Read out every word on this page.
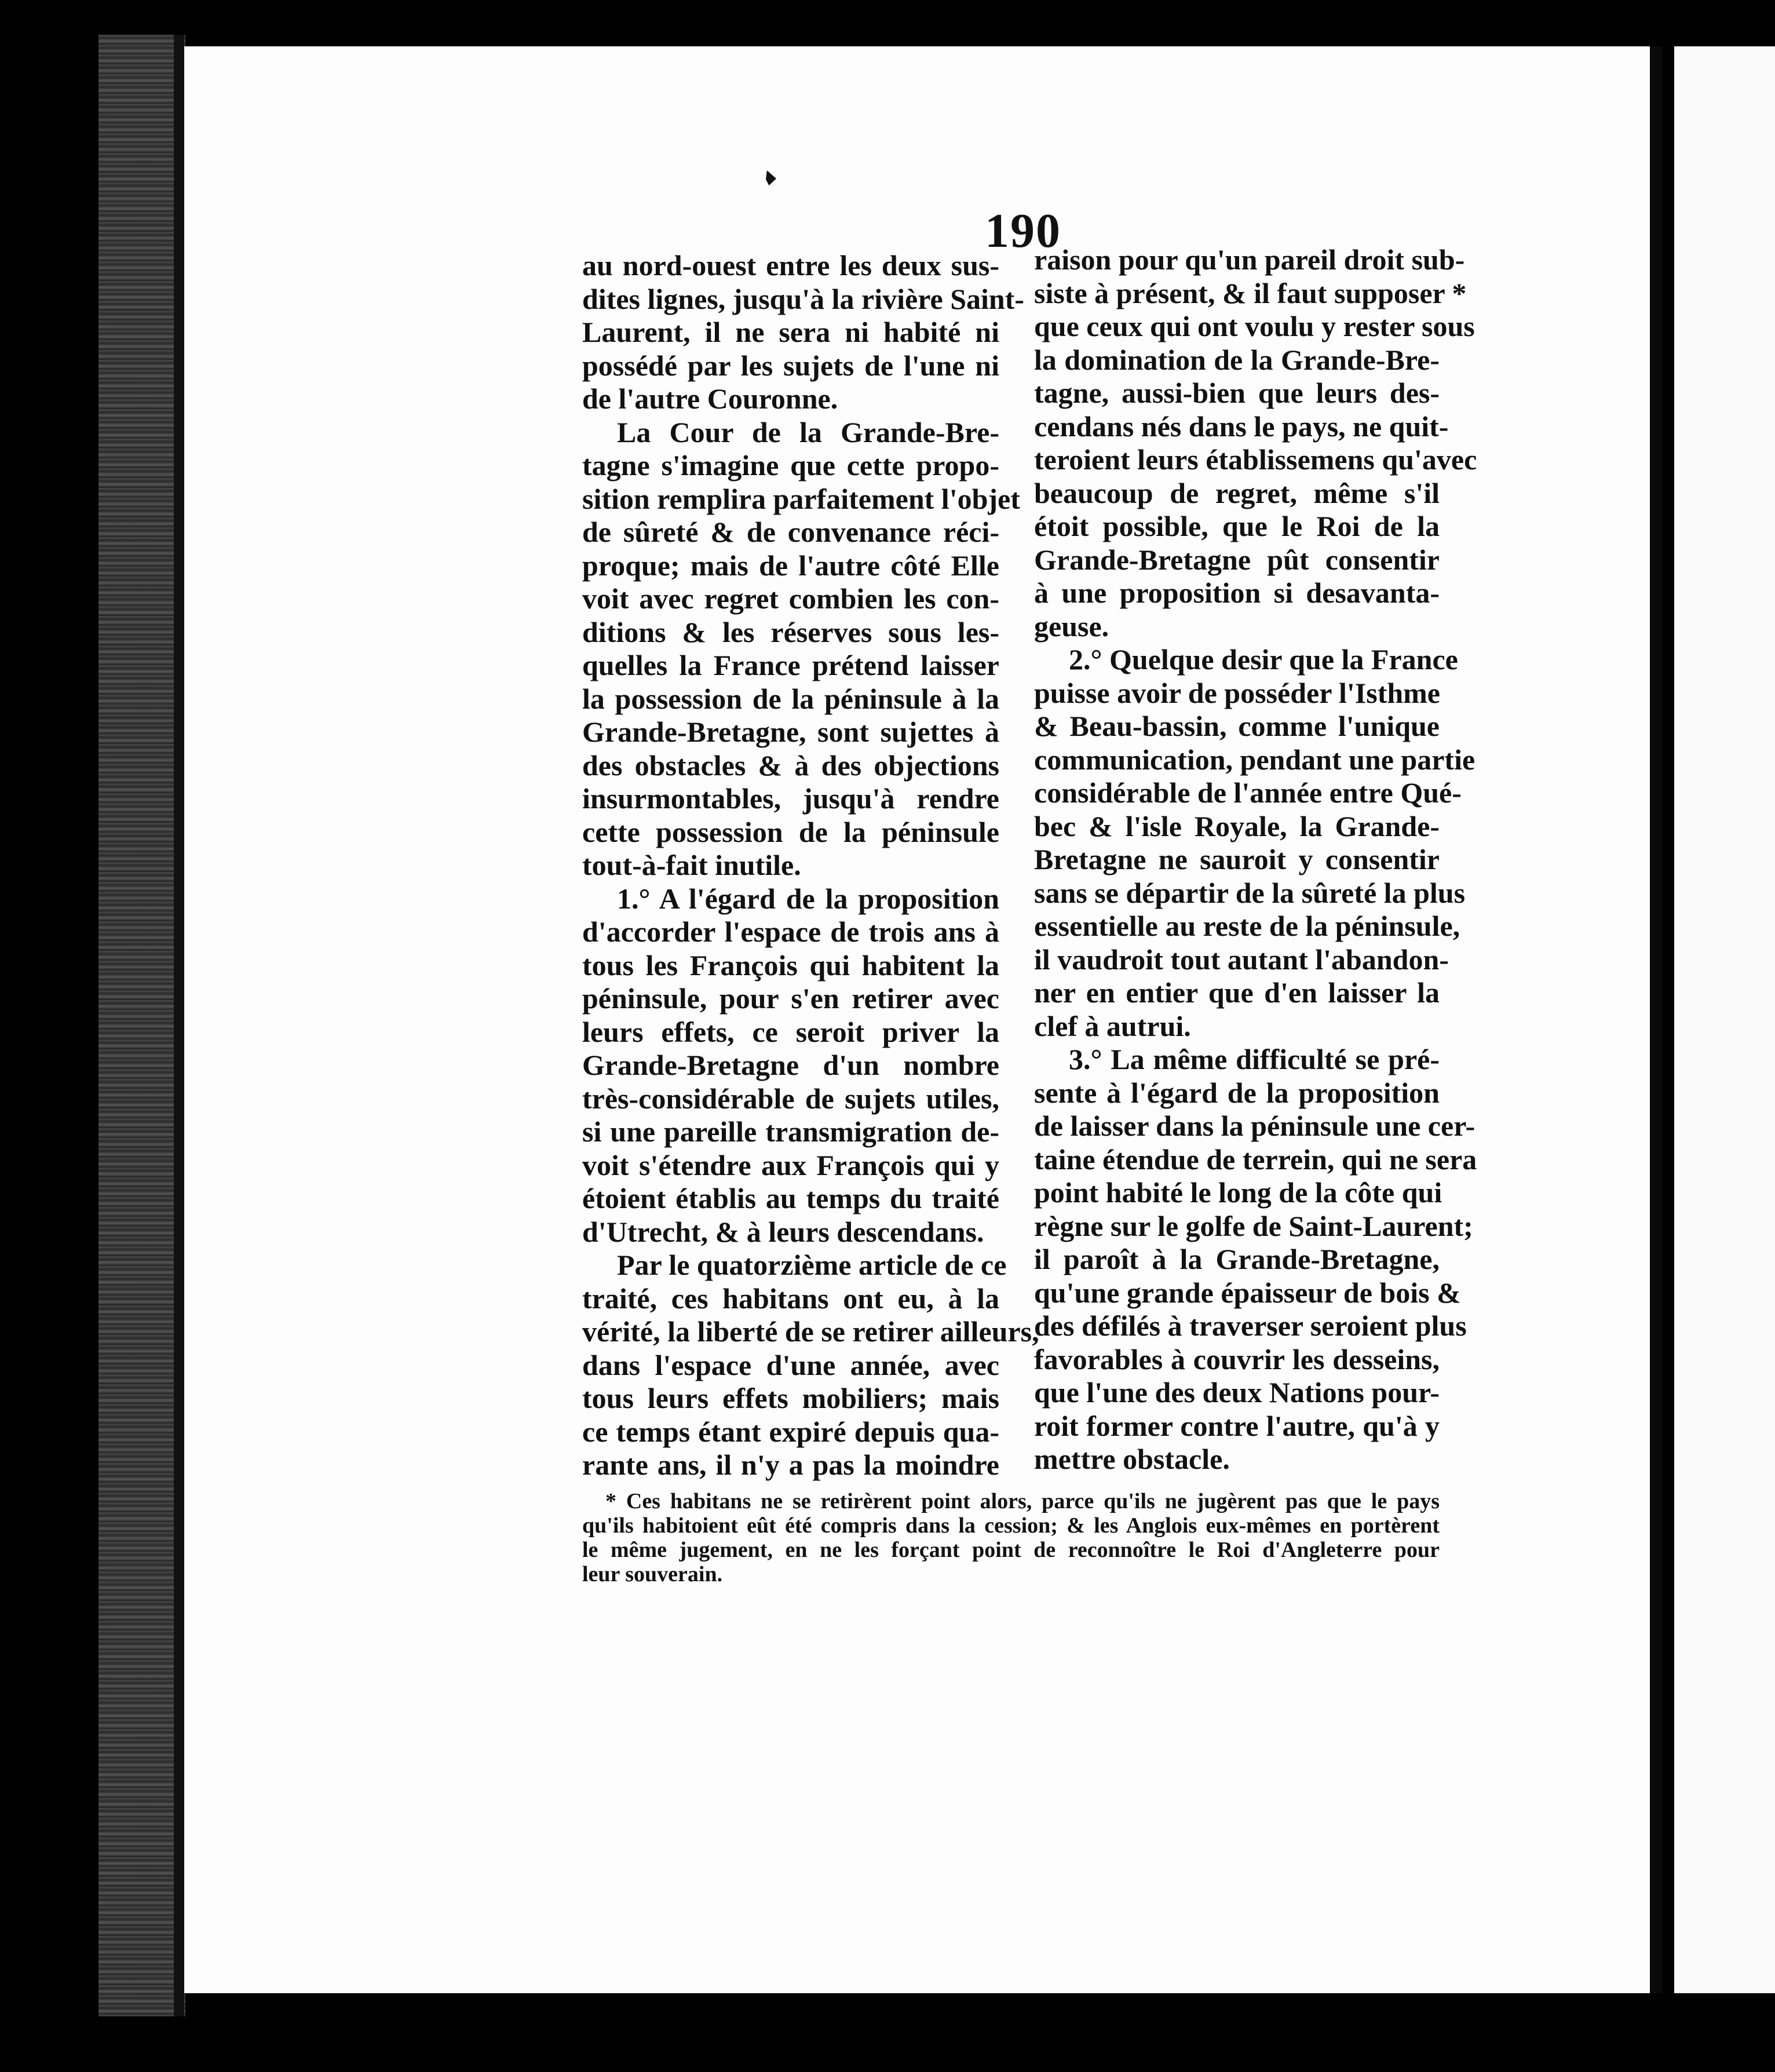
190
au nord-ouest entre les deux sus-
dites lignes, jusqu'à la rivière Saint-
Laurent, il ne sera ni habité ni
possédé par les sujets de l'une ni
de l'autre Couronne.
La Cour de la Grande-Bre-
tagne s'imagine que cette propo-
sition remplira parfaitement l'objet
de sûreté & de convenance réci-
proque; mais de l'autre côté Elle
voit avec regret combien les con-
ditions & les réserves sous les-
quelles la France prétend laisser
la possession de la péninsule à la
Grande-Bretagne, sont sujettes à
des obstacles & à des objections
insurmontables, jusqu'à rendre
cette possession de la péninsule
tout-à-fait inutile.
1.° A l'égard de la proposition
d'accorder l'espace de trois ans à
tous les François qui habitent la
péninsule, pour s'en retirer avec
leurs effets, ce seroit priver la
Grande-Bretagne d'un nombre
très-considérable de sujets utiles,
si une pareille transmigration de-
voit s'étendre aux François qui y
étoient établis au temps du traité
d'Utrecht, & à leurs descendans.
Par le quatorzième article de ce
traité, ces habitans ont eu, à la
vérité, la liberté de se retirer ailleurs,
dans l'espace d'une année, avec
tous leurs effets mobiliers; mais
ce temps étant expiré depuis qua-
rante ans, il n'y a pas la moindre
raison pour qu'un pareil droit sub-
siste à présent, & il faut supposer *
que ceux qui ont voulu y rester sous
la domination de la Grande-Bre-
tagne, aussi-bien que leurs des-
cendans nés dans le pays, ne quit-
teroient leurs établissemens qu'avec
beaucoup de regret, même s'il
étoit possible, que le Roi de la
Grande-Bretagne pût consentir
à une proposition si desavanta-
geuse.
2.° Quelque desir que la France
puisse avoir de posséder l'Isthme
& Beau-bassin, comme l'unique
communication, pendant une partie
considérable de l'année entre Qué-
bec & l'isle Royale, la Grande-
Bretagne ne sauroit y consentir
sans se départir de la sûreté la plus
essentielle au reste de la péninsule,
il vaudroit tout autant l'abandon-
ner en entier que d'en laisser la
clef à autrui.
3.° La même difficulté se pré-
sente à l'égard de la proposition
de laisser dans la péninsule une cer-
taine étendue de terrein, qui ne sera
point habité le long de la côte qui
règne sur le golfe de Saint-Laurent;
il paroît à la Grande-Bretagne,
qu'une grande épaisseur de bois &
des défilés à traverser seroient plus
favorables à couvrir les desseins,
que l'une des deux Nations pour-
roit former contre l'autre, qu'à y
mettre obstacle.
* Ces habitans ne se retirèrent point alors, parce qu'ils ne jugèrent pas que le pays
qu'ils habitoient eût été compris dans la cession; & les Anglois eux-mêmes en portèrent
le même jugement, en ne les forçant point de reconnoître le Roi d'Angleterre pour
leur souverain.
